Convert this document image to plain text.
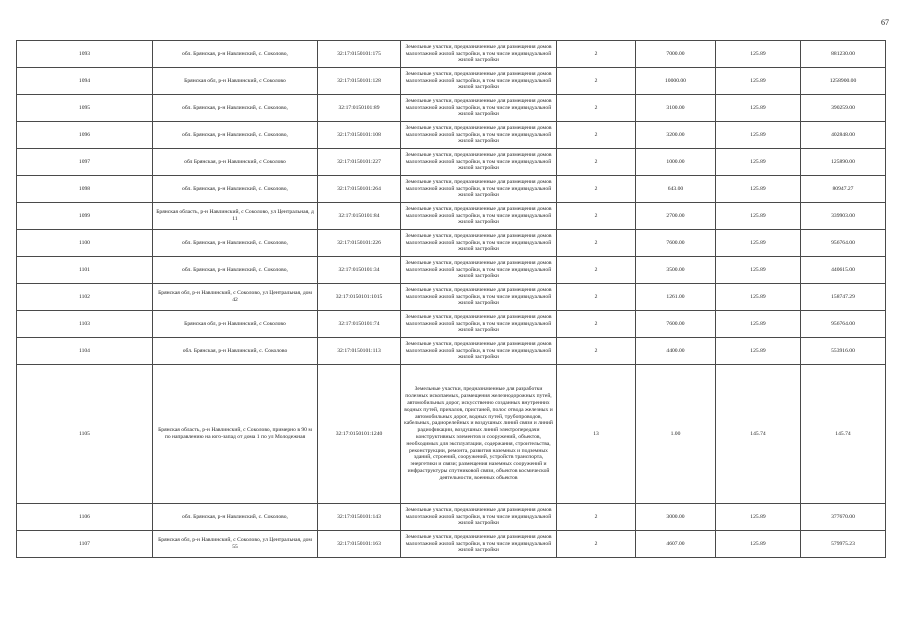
67
1093	обл. Брянская, р-н Навлинский, с. Соколово,	32:17:0150101:175	Земельные участки, предназначенные для размещения домов малоэтажной жилой застройки, в том числе индивидуальной жилой застройки	2	7000.00	125.89	881230.00
1094	Брянская обл, р-н Навлинский, с Соколово	32:17:0150101:128	Земельные участки, предназначенные для размещения домов малоэтажной жилой застройки, в том числе индивидуальной жилой застройки	2	10000.00	125.89	1258900.00
1095	обл. Брянская, р-н Навлинский, с. Соколово,	32:17:0150101:89	Земельные участки, предназначенные для размещения домов малоэтажной жилой застройки, в том числе индивидуальной жилой застройки	2	3100.00	125.89	390259.00
1096	обл. Брянская, р-н Навлинский, с. Соколово,	32:17:0150101:108	Земельные участки, предназначенные для размещения домов малоэтажной жилой застройки, в том числе индивидуальной жилой застройки	2	3200.00	125.89	402848.00
1097	обл Брянская, р-н Навлинский, с Соколово	32:17:0150101:227	Земельные участки, предназначенные для размещения домов малоэтажной жилой застройки, в том числе индивидуальной жилой застройки	2	1000.00	125.89	125890.00
1098	обл. Брянская, р-н Навлинский, с. Соколово,	32:17:0150101:264	Земельные участки, предназначенные для размещения домов малоэтажной жилой застройки, в том числе индивидуальной жилой застройки	2	643.00	125.89	80947.27
1099	Брянская область, р-н Навлинский, с Соколово, ул Центральная, д 11	32:17:0150101:84	Земельные участки, предназначенные для размещения домов малоэтажной жилой застройки, в том числе индивидуальной жилой застройки	2	2700.00	125.89	339903.00
1100	обл. Брянская, р-н Навлинский, с. Соколово,	32:17:0150101:226	Земельные участки, предназначенные для размещения домов малоэтажной жилой застройки, в том числе индивидуальной жилой застройки	2	7600.00	125.89	956764.00
1101	обл. Брянская, р-н Навлинский, с. Соколово,	32:17:0150101:34	Земельные участки, предназначенные для размещения домов малоэтажной жилой застройки, в том числе индивидуальной жилой застройки	2	3500.00	125.89	440615.00
1102	Брянская обл, р-н Навлинский, с Соколово, ул Центральная, дом 42	32:17:0150101:1015	Земельные участки, предназначенные для размещения домов малоэтажной жилой застройки, в том числе индивидуальной жилой застройки	2	1261.00	125.89	158747.29
1103	Брянская обл, р-н Навлинский, с Соколово	32:17:0150101:74	Земельные участки, предназначенные для размещения домов малоэтажной жилой застройки, в том числе индивидуальной жилой застройки	2	7600.00	125.89	956764.00
1104	обл. Брянская, р-н Навлинский, с. Соколово	32:17:0150101:113	Земельные участки, предназначенные для размещения домов малоэтажной жилой застройки, в том числе индивидуальной жилой застройки	2	4400.00	125.89	553916.00
1105	Брянская область, р-н Навлинский, с Соколово, примерно в 90 м по направлению на юго-запад от дома 1 по ул Молодежная	32:17:0150101:1240	Земельные участки, предназначенные для разработки полезных ископаемых, размещения железнодорожных путей, автомобильных дорог, искусственно созданных внутренних водных путей, причалов, пристаней, полос отвода железных и автомобильных дорог, водных путей, трубопроводов, кабельных, радиорелейных и воздушных линий связи и линий радиофикации, воздушных линий электропередачи конструктивных элементов и сооружений, объектов, необходимых для эксплуатации, содержания, строительства, реконструкции, ремонта, развития наземных и подземных зданий, строений, сооружений, устройств транспорта, энергетики и связи; размещения наземных сооружений и инфраструктуры спутниковой связи, объектов космической деятельности, военных объектов	13	1.00	145.74	145.74
1106	обл. Брянская, р-н Навлинский, с. Соколово,	32:17:0150101:143	Земельные участки, предназначенные для размещения домов малоэтажной жилой застройки, в том числе индивидуальной жилой застройки	2	3000.00	125.89	377670.00
1107	Брянская обл, р-н Навлинский, с Соколово, ул Центральная, дом 55	32:17:0150101:163	Земельные участки, предназначенные для размещения домов малоэтажной жилой застройки, в том числе индивидуальной жилой застройки	2	4607.00	125.89	579975.23
